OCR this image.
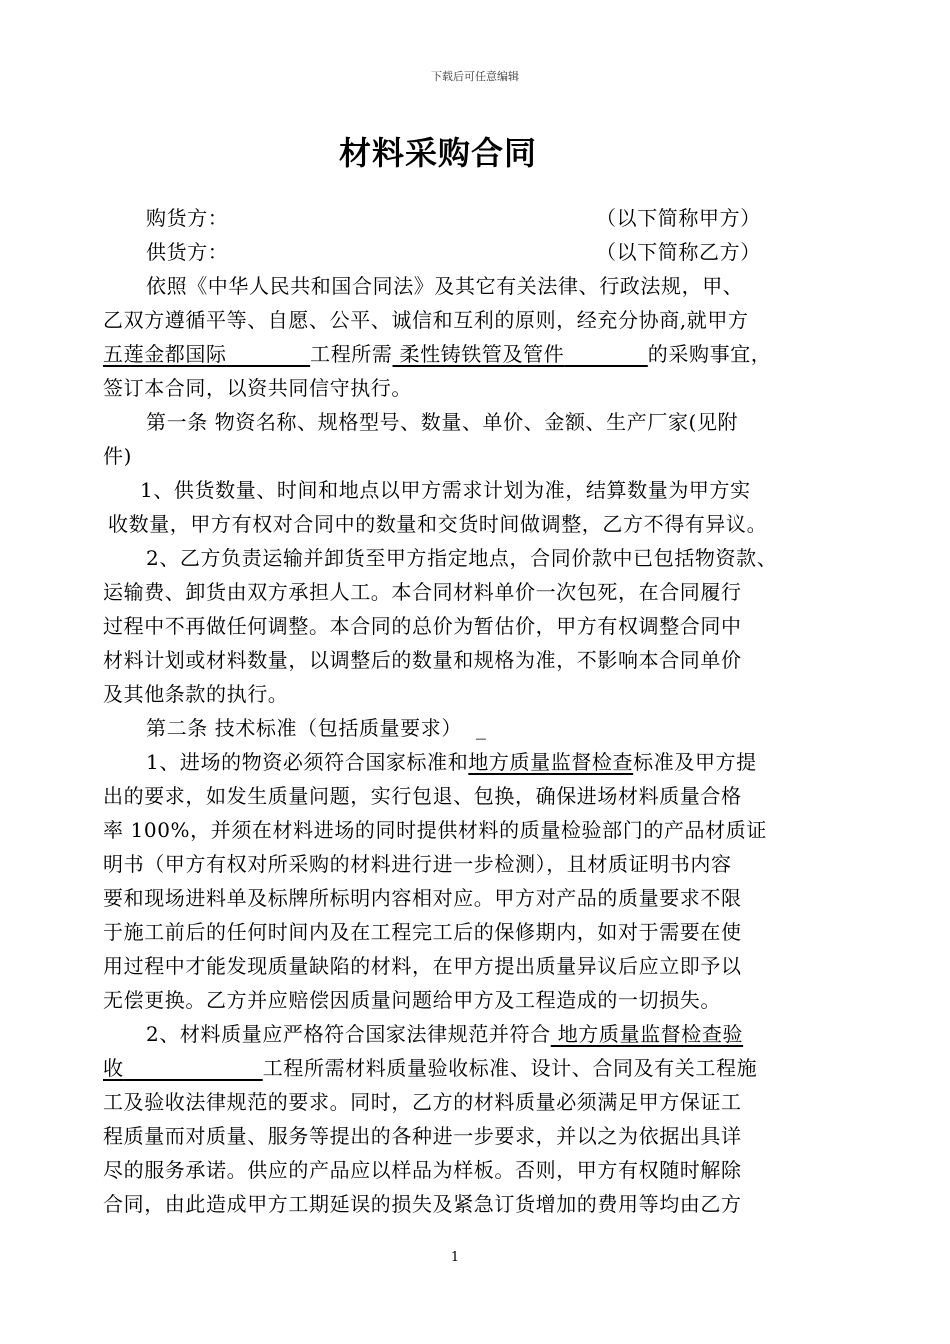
下载后可任意编辑
材料采购合同
购货方：	（以下简称甲方）
供货方：	（以下简称乙方）
依照《中华人民共和国合同法》及其它有关法律、行政法规，甲、
乙双方遵循平等、自愿、公平、诚信和互利的原则，经充分协商,就甲方
五莲金都国际	工程所需 柔性铸铁管及管件	的采购事宜，
签订本合同，以资共同信守执行。
第一条 物资名称、规格型号、数量、单价、金额、生产厂家(见附
件)
1、供货数量、时间和地点以甲方需求计划为准，结算数量为甲方实
收数量，甲方有权对合同中的数量和交货时间做调整，乙方不得有异议。
2、乙方负责运输并卸货至甲方指定地点，合同价款中已包括物资款、
运输费、卸货由双方承担人工。本合同材料单价一次包死，在合同履行
过程中不再做任何调整。本合同的总价为暂估价，甲方有权调整合同中
材料计划或材料数量，以调整后的数量和规格为准，不影响本合同单价
及其他条款的执行。
第二条 技术标准（包括质量要求） _
1、进场的物资必须符合国家标准和地方质量监督检查标准及甲方提
出的要求，如发生质量问题，实行包退、包换，确保进场材料质量合格
率 100%，并须在材料进场的同时提供材料的质量检验部门的产品材质证
明书（甲方有权对所采购的材料进行进一步检测），且材质证明书内容
要和现场进料单及标牌所标明内容相对应。甲方对产品的质量要求不限
于施工前后的任何时间内及在工程完工后的保修期内，如对于需要在使
用过程中才能发现质量缺陷的材料，在甲方提出质量异议后应立即予以
无偿更换。乙方并应赔偿因质量问题给甲方及工程造成的一切损失。
2、材料质量应严格符合国家法律规范并符合 地方质量监督检查验
收	工程所需材料质量验收标准、设计、合同及有关工程施
工及验收法律规范的要求。同时，乙方的材料质量必须满足甲方保证工
程质量而对质量、服务等提出的各种进一步要求，并以之为依据出具详
尽的服务承诺。供应的产品应以样品为样板。否则，甲方有权随时解除
合同，由此造成甲方工期延误的损失及紧急订货增加的费用等均由乙方
1
